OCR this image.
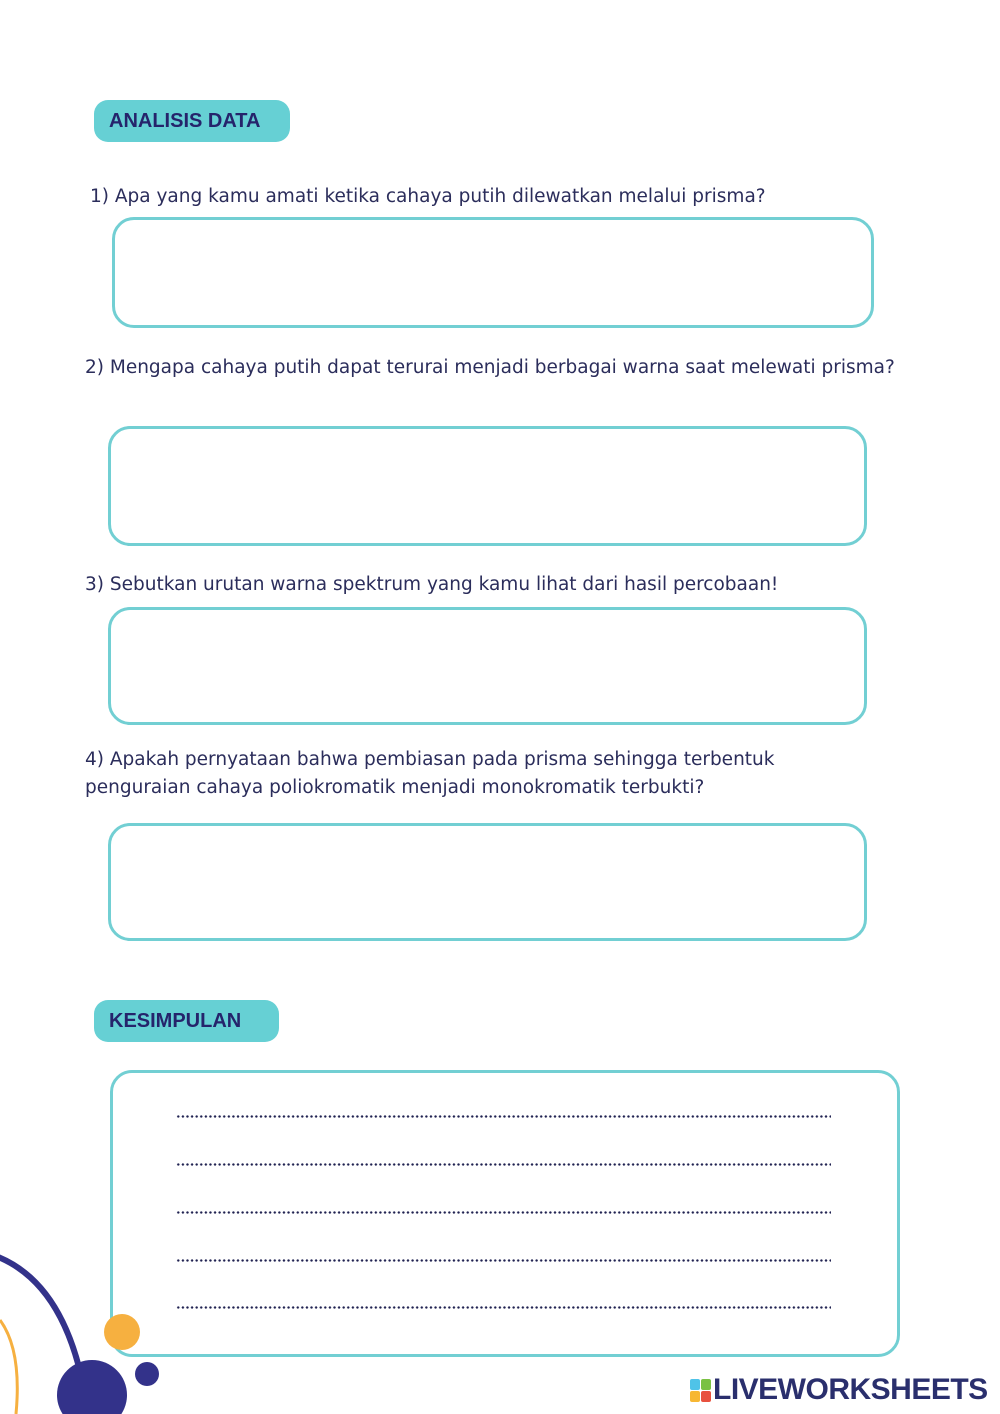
ANALISIS DATA
1) Apa yang kamu amati ketika cahaya putih dilewatkan melalui prisma?
2) Mengapa cahaya putih dapat terurai menjadi berbagai warna saat melewati prisma?
3) Sebutkan urutan warna spektrum yang kamu lihat dari hasil percobaan!
4) Apakah pernyataan bahwa pembiasan pada prisma sehingga terbentuk penguraian cahaya poliokromatik menjadi monokromatik terbukti?
KESIMPULAN
LIVEWORKSHEETS
